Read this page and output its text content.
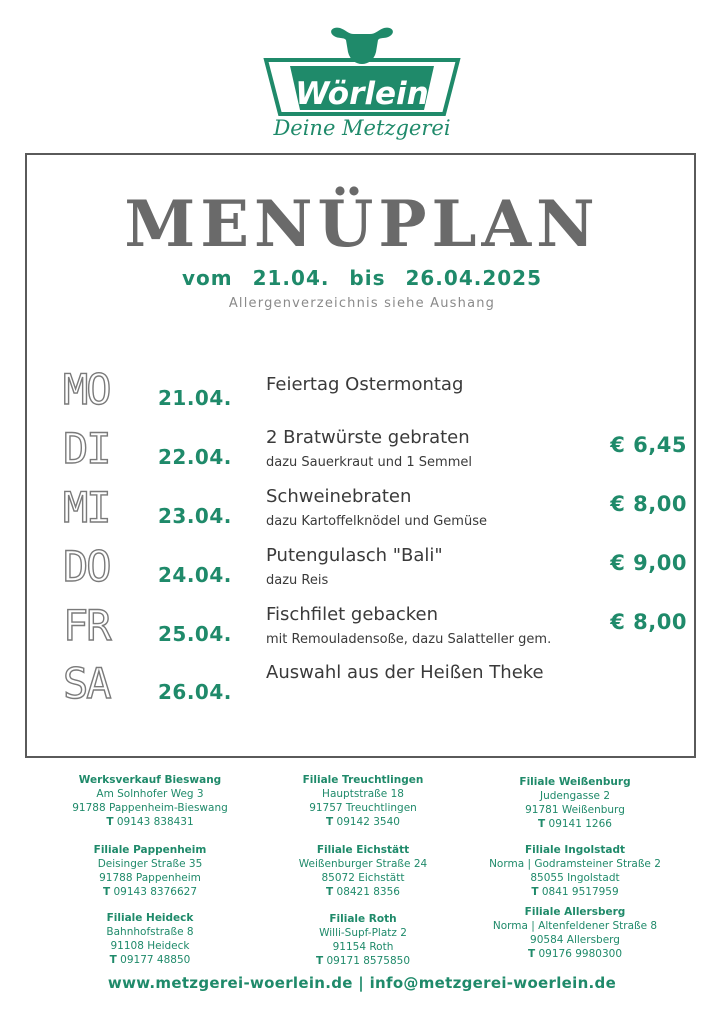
Wörlein
Deine Metzgerei
MENÜPLAN
vom 21.04. bis 26.04.2025
Allergenverzeichnis siehe Aushang
MO 21.04.
Feiertag Ostermontag
DI 22.04.
2 Bratwürste gebraten
dazu Sauerkraut und 1 Semmel
€ 6,45
MI 23.04.
Schweinebraten
dazu Kartoffelknödel und Gemüse
€ 8,00
DO 24.04.
Putengulasch "Bali"
dazu Reis
€ 9,00
FR 25.04.
Fischfilet gebacken
mit Remouladensoße, dazu Salatteller gem.
€ 8,00
SA 26.04.
Auswahl aus der Heißen Theke
Werksverkauf Bieswang
Am Solnhofer Weg 3
91788 Pappenheim-Bieswang
T 09143 838431
Filiale Treuchtlingen
Hauptstraße 18
91757 Treuchtlingen
T 09142 3540
Filiale Weißenburg
Judengasse 2
91781 Weißenburg
T 09141 1266
Filiale Pappenheim
Deisinger Straße 35
91788 Pappenheim
T 09143 8376627
Filiale Eichstätt
Weißenburger Straße 24
85072 Eichstätt
T 08421 8356
Filiale Ingolstadt
Norma | Godramsteiner Straße 2
85055 Ingolstadt
T 0841 9517959
Filiale Heideck
Bahnhofstraße 8
91108 Heideck
T 09177 48850
Filiale Roth
Willi-Supf-Platz 2
91154 Roth
T 09171 8575850
Filiale Allersberg
Norma | Altenfeldener Straße 8
90584 Allersberg
T 09176 9980300
www.metzgerei-woerlein.de | info@metzgerei-woerlein.de
